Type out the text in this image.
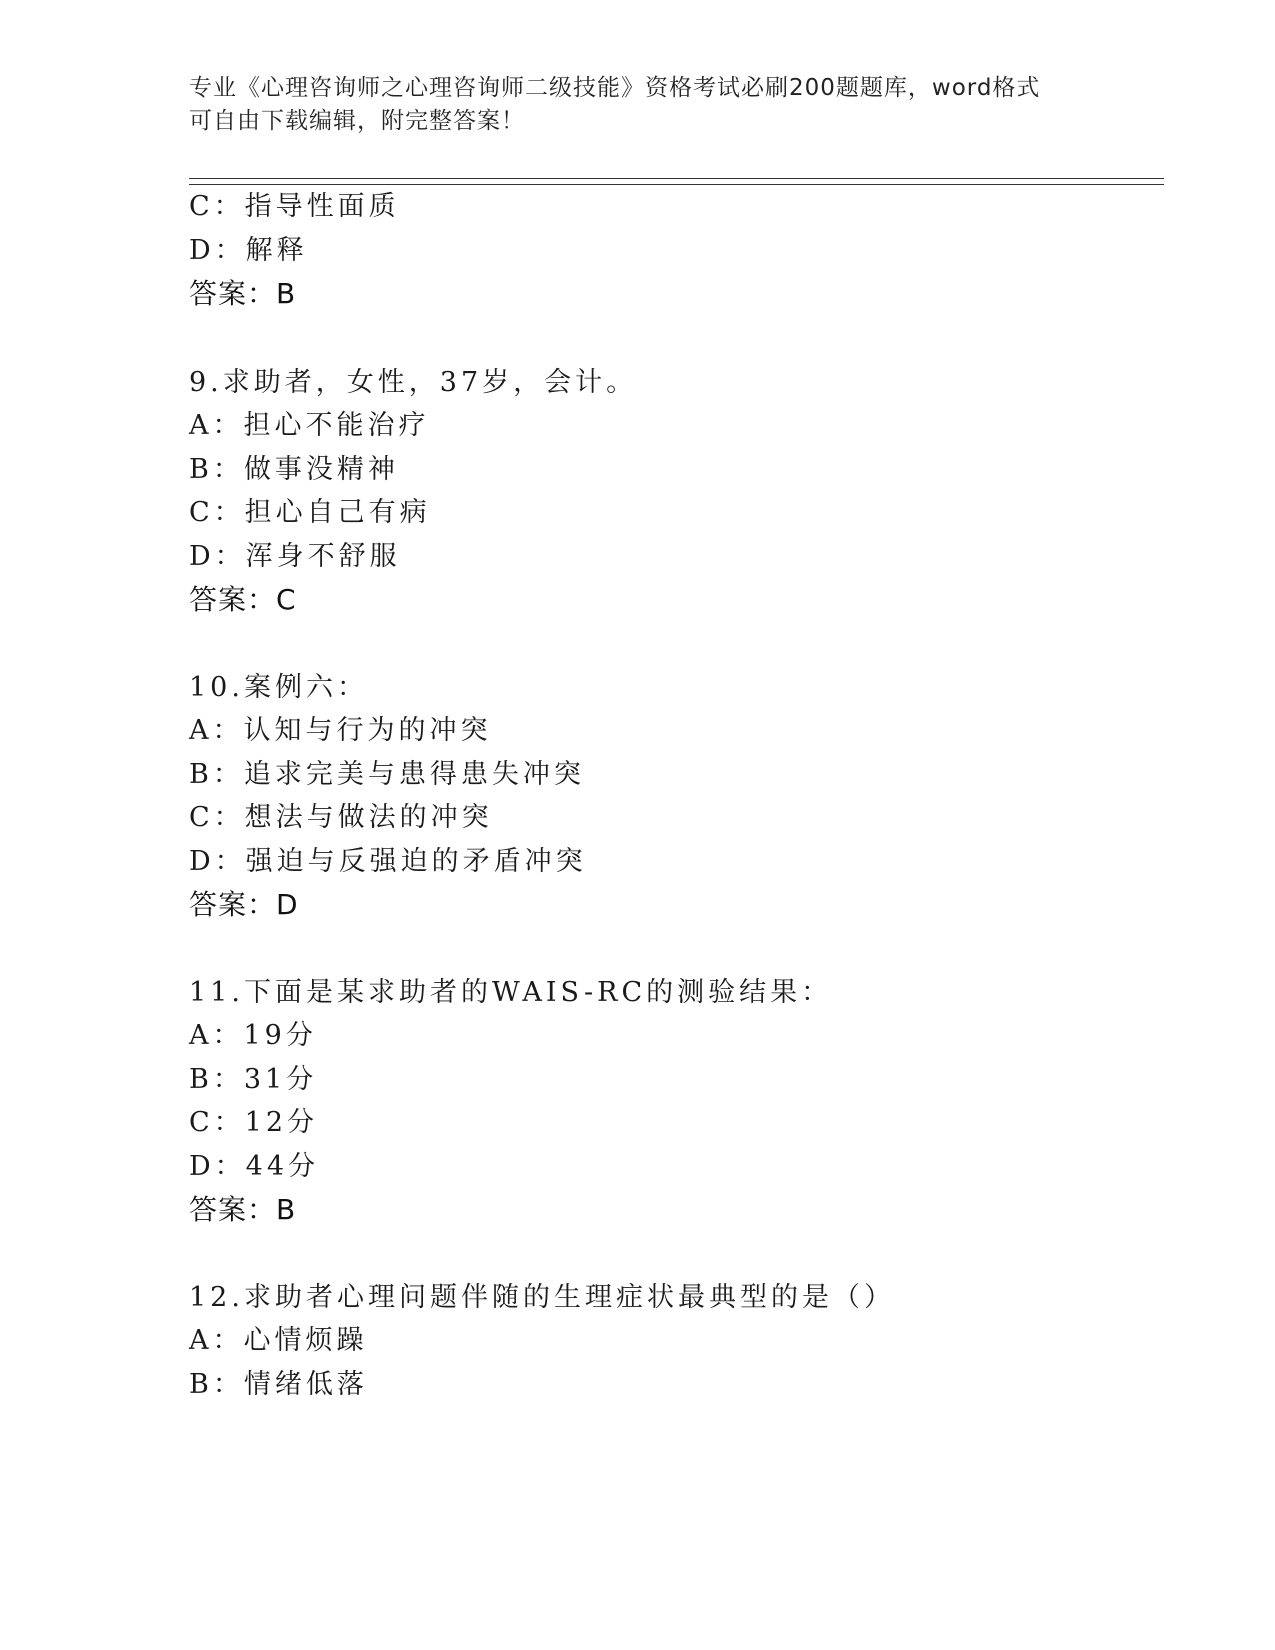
专业《心理咨询师之心理咨询师二级技能》资格考试必刷200题题库，word格式
可自由下载编辑，附完整答案！
C：指导性面质
D：解释
答案：B
9.求助者，女性，37岁，会计。
A：担心不能治疗
B：做事没精神
C：担心自己有病
D：浑身不舒服
答案：C
10.案例六：
A：认知与行为的冲突
B：追求完美与患得患失冲突
C：想法与做法的冲突
D：强迫与反强迫的矛盾冲突
答案：D
11.下面是某求助者的WAIS-RC的测验结果：
A：19分
B：31分
C：12分
D：44分
答案：B
12.求助者心理问题伴随的生理症状最典型的是（）
A：心情烦躁
B：情绪低落
